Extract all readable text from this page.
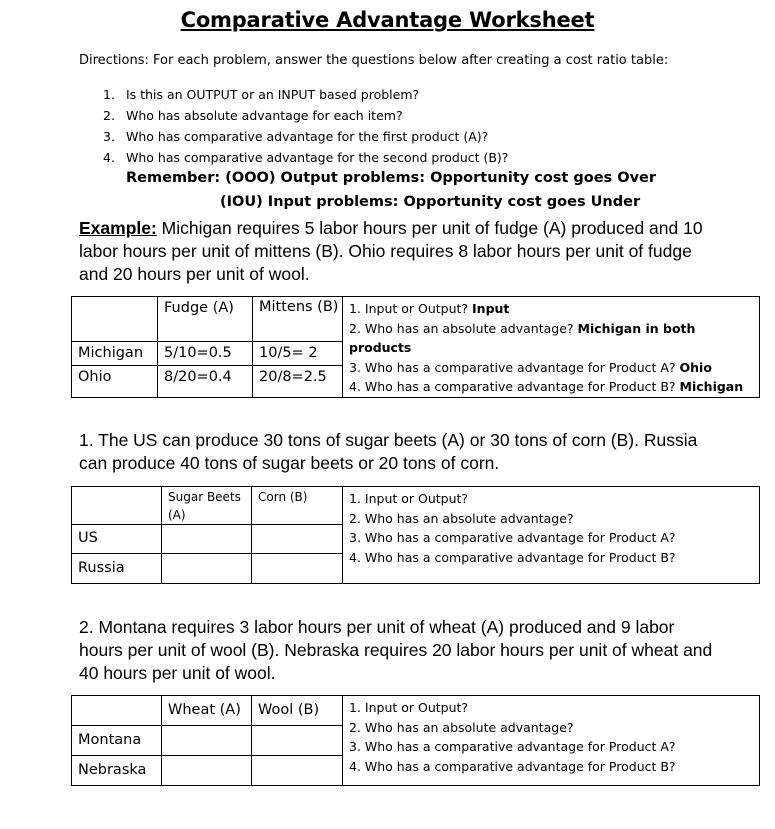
Comparative Advantage Worksheet
Directions: For each problem, answer the questions below after creating a cost ratio table:
1. Is this an OUTPUT or an INPUT based problem?
2. Who has absolute advantage for each item?
3. Who has comparative advantage for the first product (A)?
4. Who has comparative advantage for the second product (B)?
Remember: (OOO) Output problems: Opportunity cost goes Over
(IOU) Input problems: Opportunity cost goes Under
Example: Michigan requires 5 labor hours per unit of fudge (A) produced and 10 labor hours per unit of mittens (B). Ohio requires 8 labor hours per unit of fudge and 20 hours per unit of wool.
	Fudge (A)	Mittens (B)	1. Input or Output? Input
2. Who has an absolute advantage? Michigan in both products
3. Who has a comparative advantage for Product A? Ohio
4. Who has a comparative advantage for Product B? Michigan

Michigan	5/10=0.5	10/5= 2	
Ohio	8/20=0.4	20/8=2.5	
1. The US can produce 30 tons of sugar beets (A) or 30 tons of corn (B). Russia can produce 40 tons of sugar beets or 20 tons of corn.
	Sugar Beets (A)	Corn (B)	1. Input or Output?
2. Who has an absolute advantage?
3. Who has a comparative advantage for Product A?
4. Who has a comparative advantage for Product B?

US			
Russia			
2. Montana requires 3 labor hours per unit of wheat (A) produced and 9 labor hours per unit of wool (B). Nebraska requires 20 labor hours per unit of wheat and 40 hours per unit of wool.
	Wheat (A)	Wool (B)	1. Input or Output?
2. Who has an absolute advantage?
3. Who has a comparative advantage for Product A?
4. Who has a comparative advantage for Product B?

Montana			
Nebraska			
